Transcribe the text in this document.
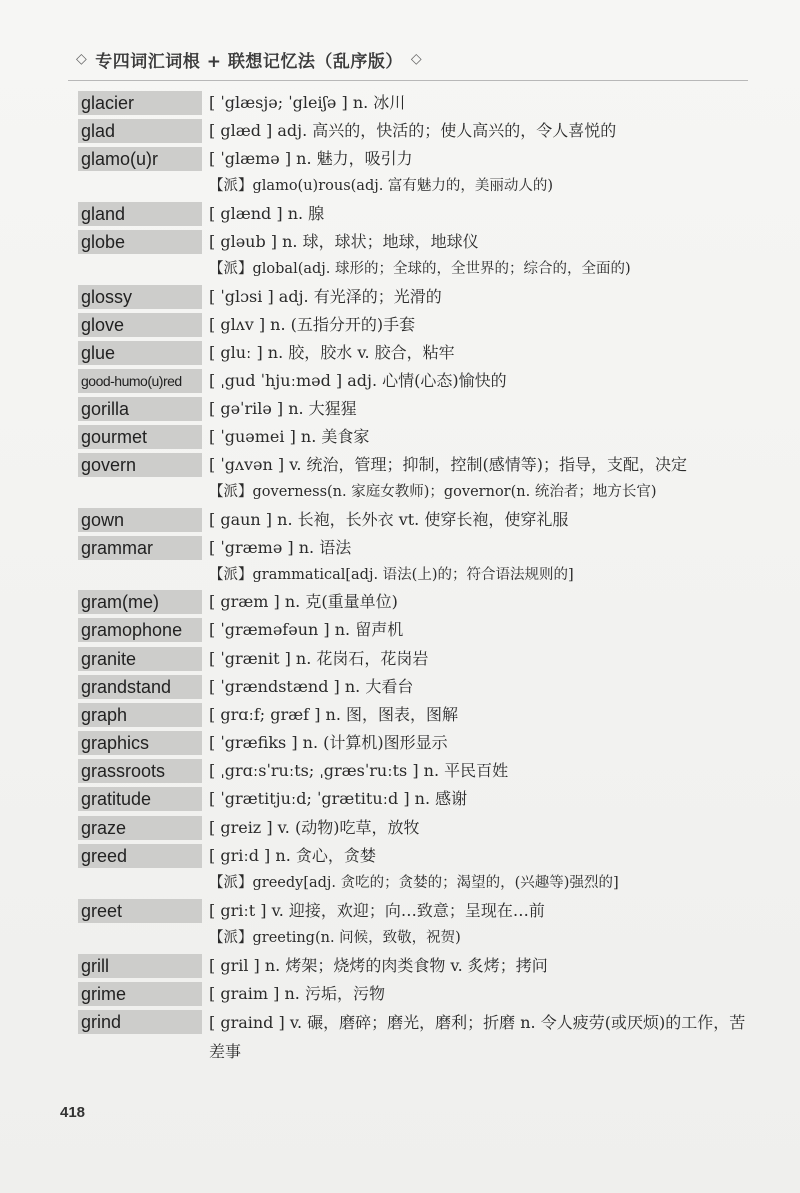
◇ 专四词汇词根 + 联想记忆法（乱序版） ◇
glacier	[ ˈglæsjə; ˈgleiʃə ] n. 冰川
glad	[ glæd ] adj. 高兴的，快活的；使人高兴的，令人喜悦的
glamo(u)r	[ ˈglæmə ] n. 魅力，吸引力
【派】glamo(u)rous(adj. 富有魅力的，美丽动人的)
gland	[ glænd ] n. 腺
globe	[ gləub ] n. 球，球状；地球，地球仪
【派】global(adj. 球形的；全球的，全世界的；综合的，全面的)
glossy	[ ˈglɔsi ] adj. 有光泽的；光滑的
glove	[ glʌv ] n. (五指分开的)手套
glue	[ gluː ] n. 胶，胶水 v. 胶合，粘牢
good-humo(u)red	[ ˌgud ˈhjuːməd ] adj. 心情(心态)愉快的
gorilla	[ gəˈrilə ] n. 大猩猩
gourmet	[ ˈguəmei ] n. 美食家
govern	[ ˈgʌvən ] v. 统治，管理；抑制，控制(感情等)；指导，支配，决定
【派】governess(n. 家庭女教师)；governor(n. 统治者；地方长官)
gown	[ gaun ] n. 长袍，长外衣 vt. 使穿长袍，使穿礼服
grammar	[ ˈgræmə ] n. 语法
【派】grammatical[adj. 语法(上)的；符合语法规则的]
gram(me)	[ græm ] n. 克(重量单位)
gramophone	[ ˈgræməfəun ] n. 留声机
granite	[ ˈgrænit ] n. 花岗石，花岗岩
grandstand	[ ˈgrændstænd ] n. 大看台
graph	[ grɑːf; græf ] n. 图，图表，图解
graphics	[ ˈgræfiks ] n. (计算机)图形显示
grassroots	[ ˌgrɑːsˈruːts; ˌgræsˈruːts ] n. 平民百姓
gratitude	[ ˈgrætitjuːd; ˈgrætituːd ] n. 感谢
graze	[ greiz ] v. (动物)吃草，放牧
greed	[ griːd ] n. 贪心，贪婪
【派】greedy[adj. 贪吃的；贪婪的；渴望的，(兴趣等)强烈的]
greet	[ griːt ] v. 迎接，欢迎；向…致意；呈现在…前
【派】greeting(n. 问候，致敬，祝贺)
grill	[ gril ] n. 烤架；烧烤的肉类食物 v. 炙烤；拷问
grime	[ graim ] n. 污垢，污物
grind	[ graind ] v. 碾，磨碎；磨光，磨利；折磨 n. 令人疲劳(或厌烦)的工作，苦差事
418
